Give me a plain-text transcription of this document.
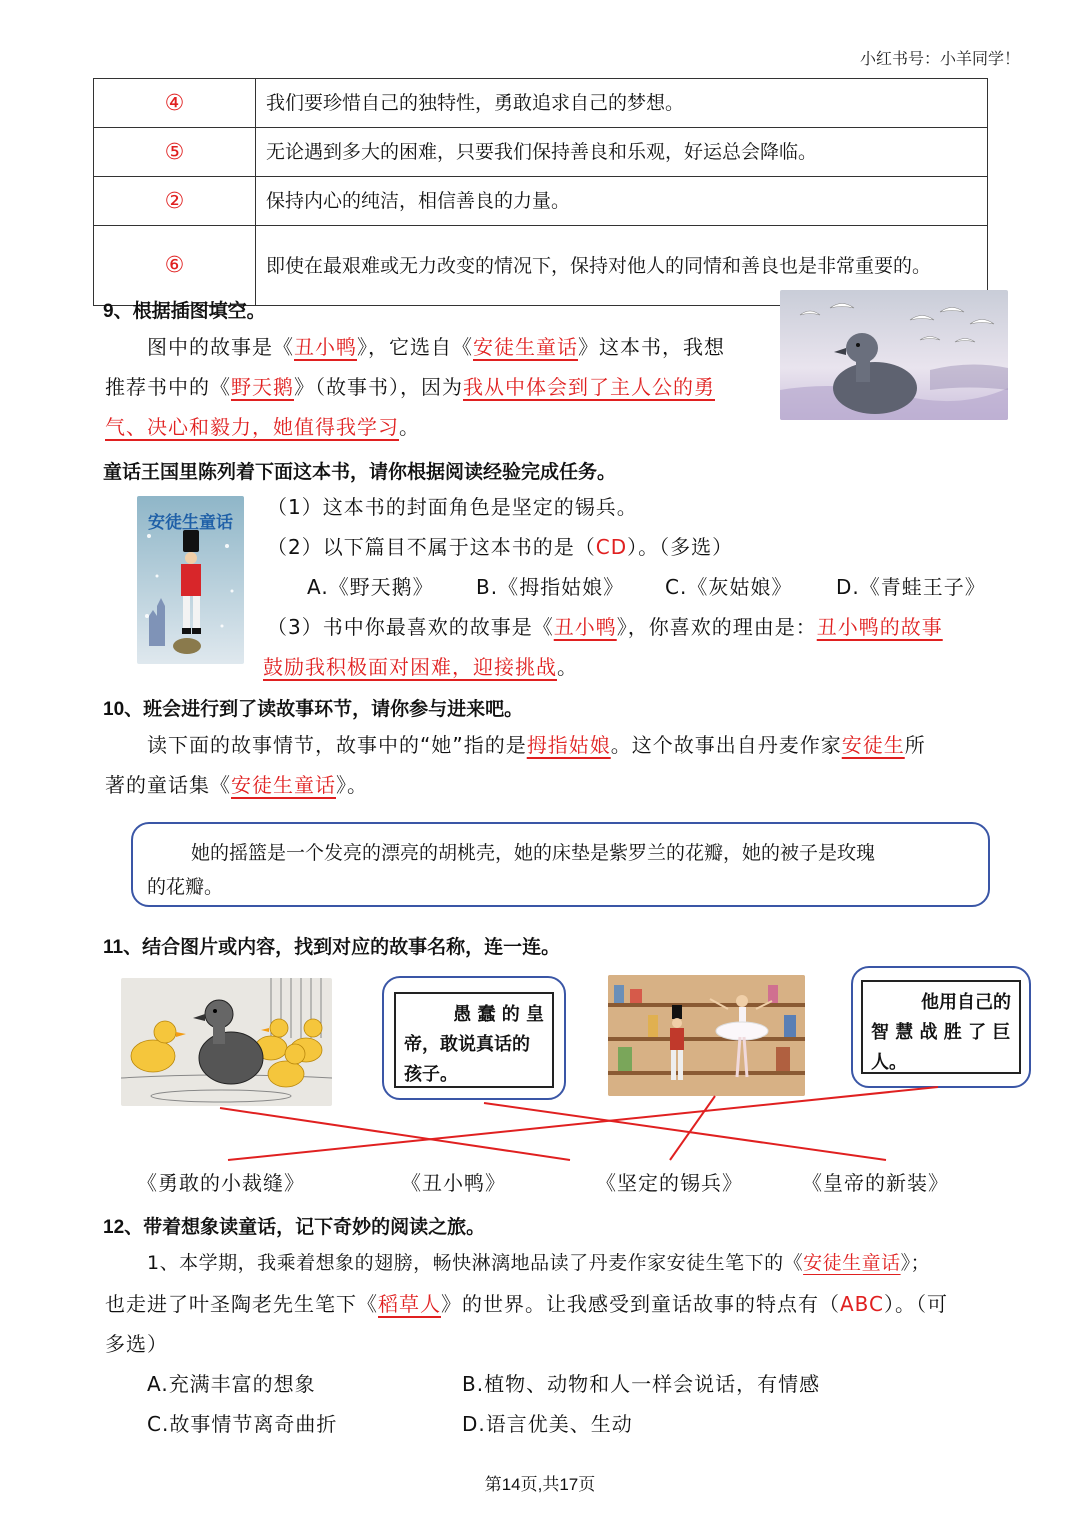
小红书号：小羊同学！
④	我们要珍惜自己的独特性，勇敢追求自己的梦想。
⑤	无论遇到多大的困难，只要我们保持善良和乐观，好运总会降临。
②	保持内心的纯洁，相信善良的力量。
⑥	即使在最艰难或无力改变的情况下，保持对他人的同情和善良也是非常重要的。
9、根据插图填空。
图中的故事是《丑小鸭》，它选自《安徒生童话》这本书，我想
推荐书中的《野天鹅》（故事书），因为我从中体会到了主人公的勇
气、决心和毅力，她值得我学习。
童话王国里陈列着下面这本书，请你根据阅读经验完成任务。
安徒生童话
（1）这本书的封面角色是坚定的锡兵。
（2）以下篇目不属于这本书的是（CD）。（多选）
A.《野天鹅》 B.《拇指姑娘》 C.《灰姑娘》 D.《青蛙王子》
（3）书中你最喜欢的故事是《丑小鸭》，你喜欢的理由是：丑小鸭的故事
鼓励我积极面对困难，迎接挑战。
10、班会进行到了读故事环节，请你参与进来吧。
读下面的故事情节，故事中的“她”指的是拇指姑娘。这个故事出自丹麦作家安徒生所
著的童话集《安徒生童话》。
她的摇篮是一个发亮的漂亮的胡桃壳，她的床垫是紫罗兰的花瓣，她的被子是玫瑰
的花瓣。
11、结合图片或内容，找到对应的故事名称，连一连。
愚 蠢 的 皇
帝，敢说真话的
孩子。
他用自己的
智 慧 战 胜 了 巨
人。
《勇敢的小裁缝》	《丑小鸭》	《坚定的锡兵》	《皇帝的新装》
12、带着想象读童话，记下奇妙的阅读之旅。
1、本学期，我乘着想象的翅膀，畅快淋漓地品读了丹麦作家安徒生笔下的《安徒生童话》；
也走进了叶圣陶老先生笔下《稻草人》的世界。让我感受到童话故事的特点有（ABC）。（可
多选）
A.充满丰富的想象	B.植物、动物和人一样会说话，有情感
C.故事情节离奇曲折	D.语言优美、生动
第14页,共17页
